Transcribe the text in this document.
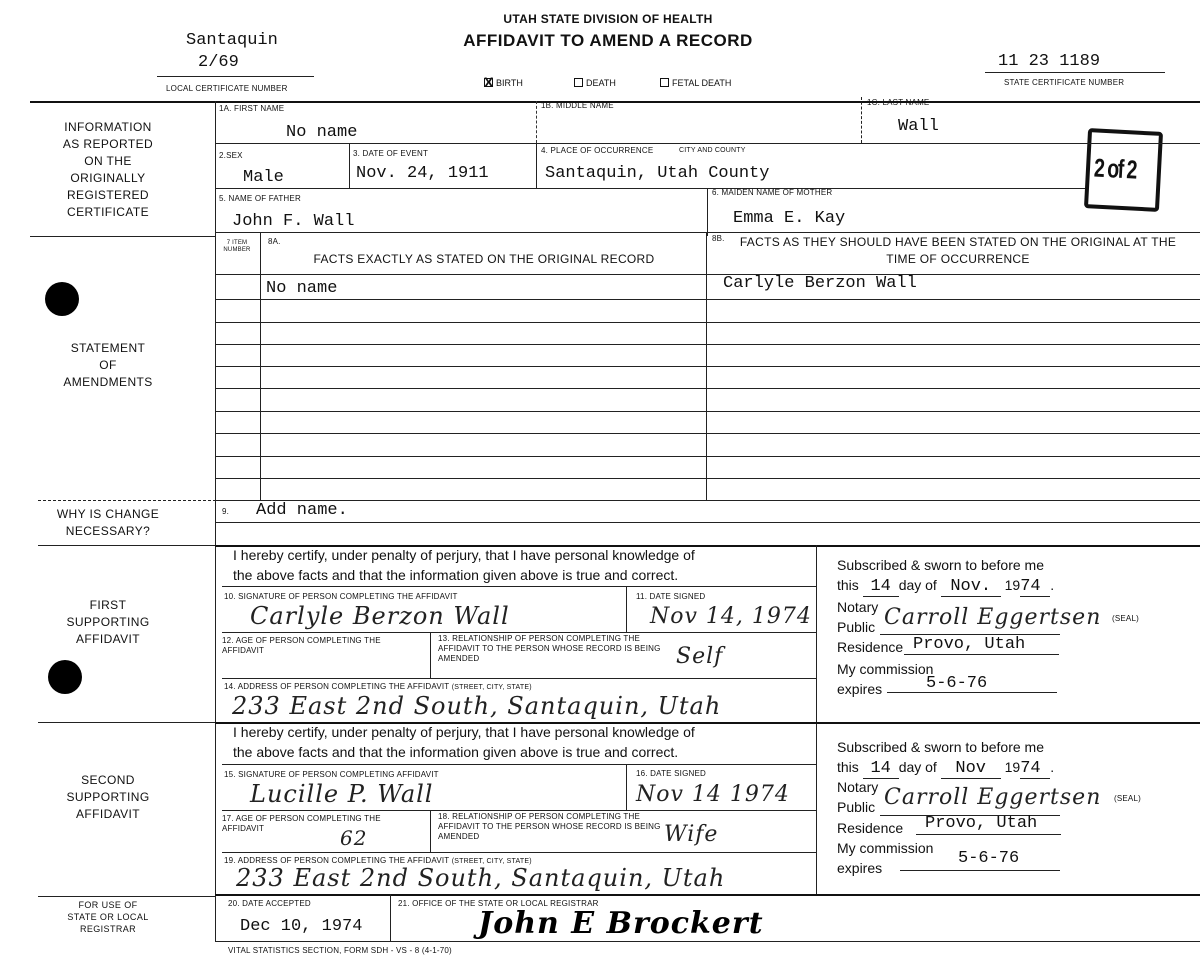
UTAH STATE DIVISION OF HEALTH
AFFIDAVIT TO AMEND A RECORD
Santaquin
2/69
LOCAL CERTIFICATE NUMBER
11 23 1189
STATE CERTIFICATE NUMBER
X BIRTH	DEATH	FETAL DEATH
2 of 2
INFORMATION
AS REPORTED
ON THE
ORIGINALLY
REGISTERED
CERTIFICATE
STATEMENT
OF
AMENDMENTS
WHY IS CHANGE
NECESSARY?
FIRST
SUPPORTING
AFFIDAVIT
SECOND
SUPPORTING
AFFIDAVIT
FOR USE OF
STATE OR LOCAL
REGISTRAR
1A. FIRST NAME
No name
1B. MIDDLE NAME	1C. LAST NAME
Wall
2.SEX
Male
3. DATE OF EVENT
Nov. 24, 1911
4. PLACE OF OCCURRENCE	CITY AND COUNTY
Santaquin, Utah County
5. NAME OF FATHER
John F. Wall
6. MAIDEN NAME OF MOTHER
Emma E. Kay
7 ITEM NUMBER
8A.
FACTS EXACTLY AS STATED ON THE ORIGINAL RECORD
8B.	FACTS AS THEY SHOULD HAVE BEEN STATED ON THE ORIGINAL AT THE TIME OF OCCURRENCE
No name	Carlyle Berzon Wall
9. Add name.
I hereby certify, under penalty of perjury, that I have personal knowledge of
the above facts and that the information given above is true and correct.
10. SIGNATURE OF PERSON COMPLETING THE AFFIDAVIT
Carlyle Berzon Wall
11. DATE SIGNED
Nov 14, 1974
12. AGE OF PERSON COMPLETING THE AFFIDAVIT
13. RELATIONSHIP OF PERSON COMPLETING THE AFFIDAVIT TO THE PERSON WHOSE RECORD IS BEING AMENDED	Self
14. ADDRESS OF PERSON COMPLETING THE AFFIDAVIT (STREET, CITY, STATE)
233 East 2nd South, Santaquin, Utah
Subscribed & sworn to before me
this 14 day of Nov. 1974 .
Notary
Public Carroll Eggertsen (SEAL)
Residence Provo, Utah
My commission
expires	5-6-76
I hereby certify, under penalty of perjury, that I have personal knowledge of
the above facts and that the information given above is true and correct.
15. SIGNATURE OF PERSON COMPLETING AFFIDAVIT
Lucille P. Wall
16. DATE SIGNED
Nov 14 1974
17. AGE OF PERSON COMPLETING THE AFFIDAVIT	62
18. RELATIONSHIP OF PERSON COMPLETING THE AFFIDAVIT TO THE PERSON WHOSE RECORD IS BEING AMENDED	Wife
19. ADDRESS OF PERSON COMPLETING THE AFFIDAVIT (STREET, CITY, STATE)
233 East 2nd South, Santaquin, Utah
Subscribed & sworn to before me
this 14 day of Nov 1974 .
Notary
Public Carroll Eggertsen (SEAL)
Residence Provo, Utah
My commission
expires	5-6-76
20. DATE ACCEPTED
Dec 10, 1974
21. OFFICE OF THE STATE OR LOCAL REGISTRAR
John E Brockert
VITAL STATISTICS SECTION, FORM SDH - VS - 8 (4-1-70)
